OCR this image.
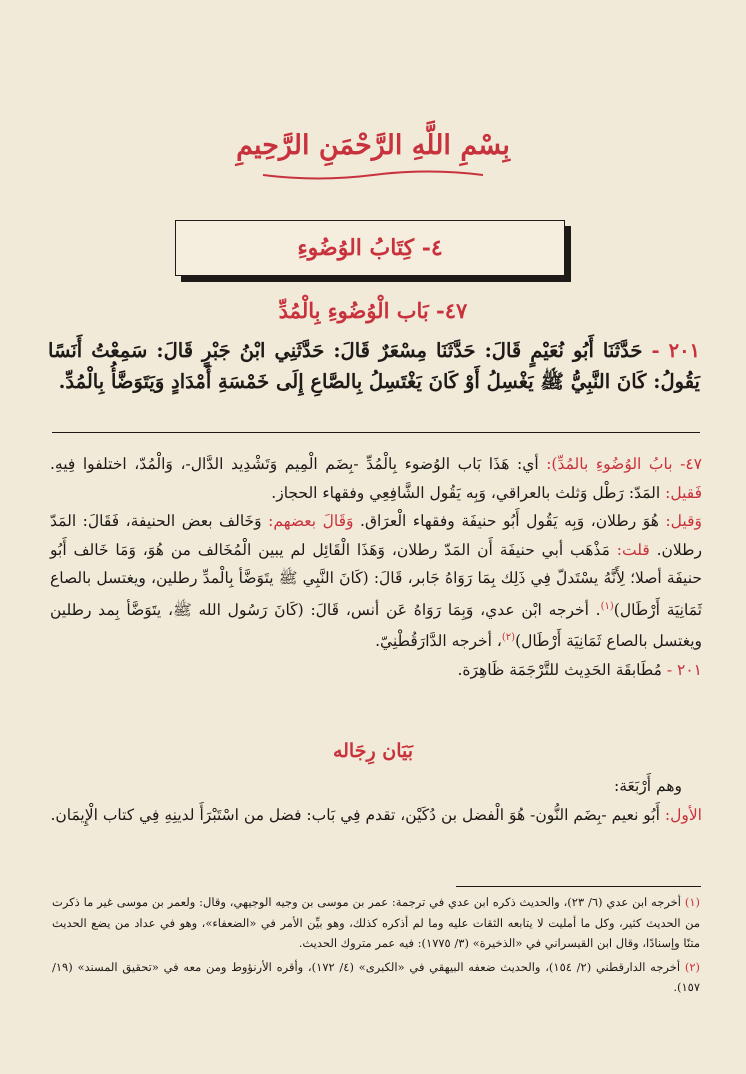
بِسْمِ اللَّهِ الرَّحْمَنِ الرَّحِيمِ
٤- كِتَابُ الوُضُوءِ
٤٧- بَاب الْوُضُوءِ بِالْمُدِّ
٢٠١ - حَدَّثَنَا أَبُو نُعَيْمٍ قَالَ: حَدَّثَنَا مِسْعَرٌ قَالَ: حَدَّثَنِي ابْنُ جَبْرٍ قَالَ: سَمِعْتُ أَنَسًا يَقُولُ: كَانَ النَّبِيُّ ﷺ يَغْسِلُ أَوْ كَانَ يَغْتَسِلُ بِالصَّاعِ إِلَى خَمْسَةِ أَمْدَادٍ وَيَتَوَضَّأُ بِالْمُدِّ.

٤٧- بابُ الوُضُوءِ بالمُدِّ): أي: هَذَا بَاب الوُضوء بِالْمُدِّ -بِضَم الْمِيم وَتَشْدِيد الدَّال-، وَالْمُدّ، اختلفوا فِيهِ. فَقيل: المَدّ: رَطْل وَثلث بالعراقي، وَبِه يَقُول الشَّافِعِي وفقهاء الحجاز.

وَقيل: هُوَ رطلان، وَبِه يَقُول أَبُو حنيفَة وفقهاء الْعرَاق. وَقَالَ بعضهم: وَخَالف بعض الحنيفة، فَقَالَ: المَدّ رطلان. قلت: مَذْهَب أبي حنيفَة أَن المَدّ رطلان، وَهَذَا الْقَائِل لم يبين الْمُخَالف من هُوَ، وَمَا خَالف أَبُو حنيفَة أصلا؛ لِأَنَّهُ يسْتَدلّ فِي ذَلِك بِمَا رَوَاهُ جَابر، قَالَ: (كَانَ النَّبِي ﷺ يتَوَضَّأ بِالْمدِّ رطلين، ويغتسل بالصاع ثَمَانِيَة أَرْطَال)$^{(١)}$. أخرجه ابْن عدي، وَبِمَا رَوَاهُ عَن أنس، قَالَ: (كَانَ رَسُول الله ﷺ، يتَوَضَّأ بِمد رطلين ويغتسل بالصاع ثَمَانِيَة أَرْطَال)$^{(٢)}$، أخرجه الدَّارَقُطْنِيّ.

٢٠١ - مُطَابقَة الحَدِيث للتَّرْجَمَة ظَاهِرَة.

بَيَان رِجَاله

وهم أَرْبَعَة:

الأول: أَبُو نعيم -بِضَم النُّون- هُوَ الْفضل بن دُكَيْن، تقدم فِي بَاب: فضل من اسْتَبْرَأَ لدينِهِ فِي كتاب الْإِيمَان.

(١) أخرجه ابن عدي (٦/ ٢٣)، والحديث ذكره ابن عدي في ترجمة: عمر بن موسى بن وجيه الوجيهي، وقال: ولعمر بن موسى غير ما ذكرت من الحديث كثير، وكل ما أمليت لا يتابعه الثقات عليه وما لم أذكره كذلك، وهو بيِّن الأمر في «الضعفاء»، وهو في عداد من يضع الحديث متنًا وإسنادًا، وقال ابن القيسراني في «الذخيرة» (٣/ ١٧٧٥): فيه عمر متروك الحديث.

(٢) أخرجه الدارقطني (٢/ ١٥٤)، والحديث ضعفه البيهقي في «الكبرى» (٤/ ١٧٢)، وأقره الأرنؤوط ومن معه في «تحقيق المسند» (١٩/ ١٥٧).
